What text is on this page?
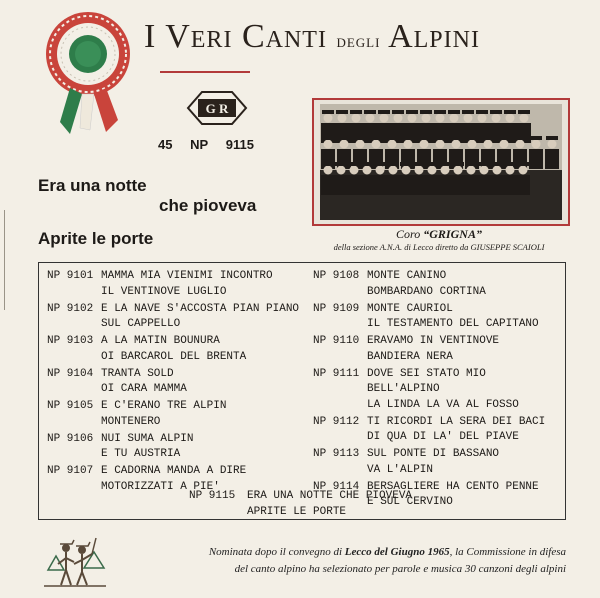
I Veri Canti degli Alpini
G R
45 NP 9115
Era una notte
che pioveva
Aprite le porte	Coro “GRIGNA”
della sezione A.N.A. di Lecco diretto da GIUSEPPE SCAIOLI
NP 9101 MAMMA MIA VIENIMI INCONTRO
IL VENTINOVE LUGLIO
NP 9102 E LA NAVE S'ACCOSTA PIAN PIANO
SUL CAPPELLO
NP 9103 A LA MATIN BOUNURA
OI BARCAROL DEL BRENTA
NP 9104 TRANTA SOLD
OI CARA MAMMA
NP 9105 E C'ERANO TRE ALPIN
MONTENERO
NP 9106 NUI SUMA ALPIN
E TU AUSTRIA
NP 9107 E CADORNA MANDA A DIRE
MOTORIZZATI A PIE'
NP 9108 MONTE CANINO
BOMBARDANO CORTINA
NP 9109 MONTE CAURIOL
IL TESTAMENTO DEL CAPITANO
NP 9110 ERAVAMO IN VENTINOVE
BANDIERA NERA
NP 9111 DOVE SEI STATO MIO
BELL'ALPINO
LA LINDA LA VA AL FOSSO
NP 9112 TI RICORDI LA SERA DEI BACI
DI QUA DI LA' DEL PIAVE
NP 9113 SUL PONTE DI BASSANO
VA L'ALPIN
NP 9114 BERSAGLIERE HA CENTO PENNE
E SUL CERVINO
NP 9115 ERA UNA NOTTE CHE PIOVEVA
APRITE LE PORTE
Nominata dopo il convegno di Lecco del Giugno 1965, la Commissione in difesa
del canto alpino ha selezionato per parole e musica 30 canzoni degli alpini
